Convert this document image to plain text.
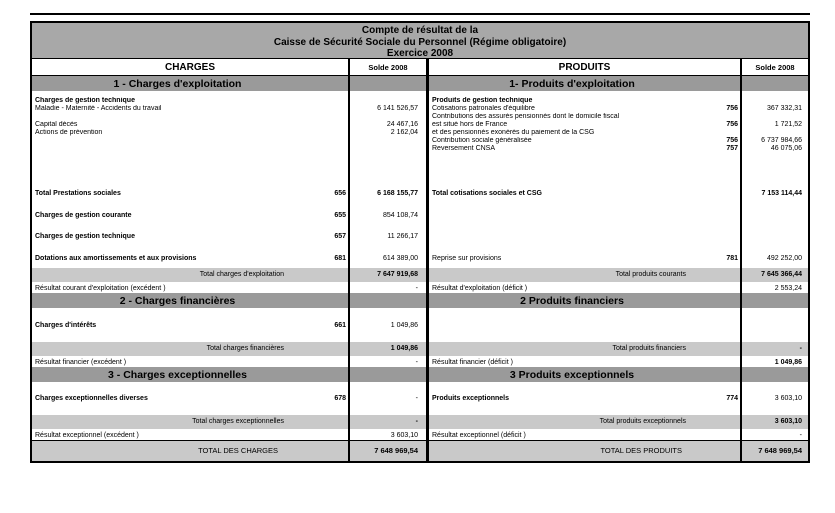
Compte de résultat de la
Caisse de Sécurité Sociale du Personnel (Régime obligatoire)
Exercice 2008
CHARGES	Solde 2008	PRODUITS	Solde 2008
1 - Charges d'exploitation	1- Produits d'exploitation
Charges de gestion technique	Produits de gestion technique
Maladie - Maternité - Accidents du travail	6 141 526,57	Cotisations patronales d'équilibre	756	367 332,31
Contributions des assurés pensionnés dont le domicile fiscal
Capital décès	24 467,16	est situé hors de France	756	1 721,52
Actions de prévention	2 162,04	et des pensionnés exonérés du paiement de la CSG
Contribution sociale généralisée	756	6 737 984,66
Reversement CNSA	757	46 075,06
Total Prestations sociales	656	6 168 155,77	Total cotisations sociales et CSG	7 153 114,44
Charges de gestion courante	655	854 108,74
Charges de gestion technique	657	11 266,17
Dotations aux amortissements et aux provisions	681	614 389,00	Reprise sur provisions	781	492 252,00
Total charges d'exploitation	7 647 919,68	Total produits courants	7 645 366,44
Résultat courant d'exploitation (excédent )	-	Résultat d'exploitation (déficit )	2 553,24
2 - Charges financières	2 Produits financiers
Charges d'intérêts	661	1 049,86
Total charges financières	1 049,86	Total produits financiers	-
Résultat financier (excédent )	-	Résultat financier (déficit )	1 049,86
3 - Charges exceptionnelles	3 Produits exceptionnels
Charges exceptionnelles diverses	678	-	Produits exceptionnels	774	3 603,10
Total charges exceptionnelles	-	Total produits exceptionnels	3 603,10
Résultat exceptionnel (excédent )	3 603,10	Résultat exceptionnel (déficit )	-
TOTAL DES CHARGES	7 648 969,54	TOTAL DES PRODUITS	7 648 969,54
